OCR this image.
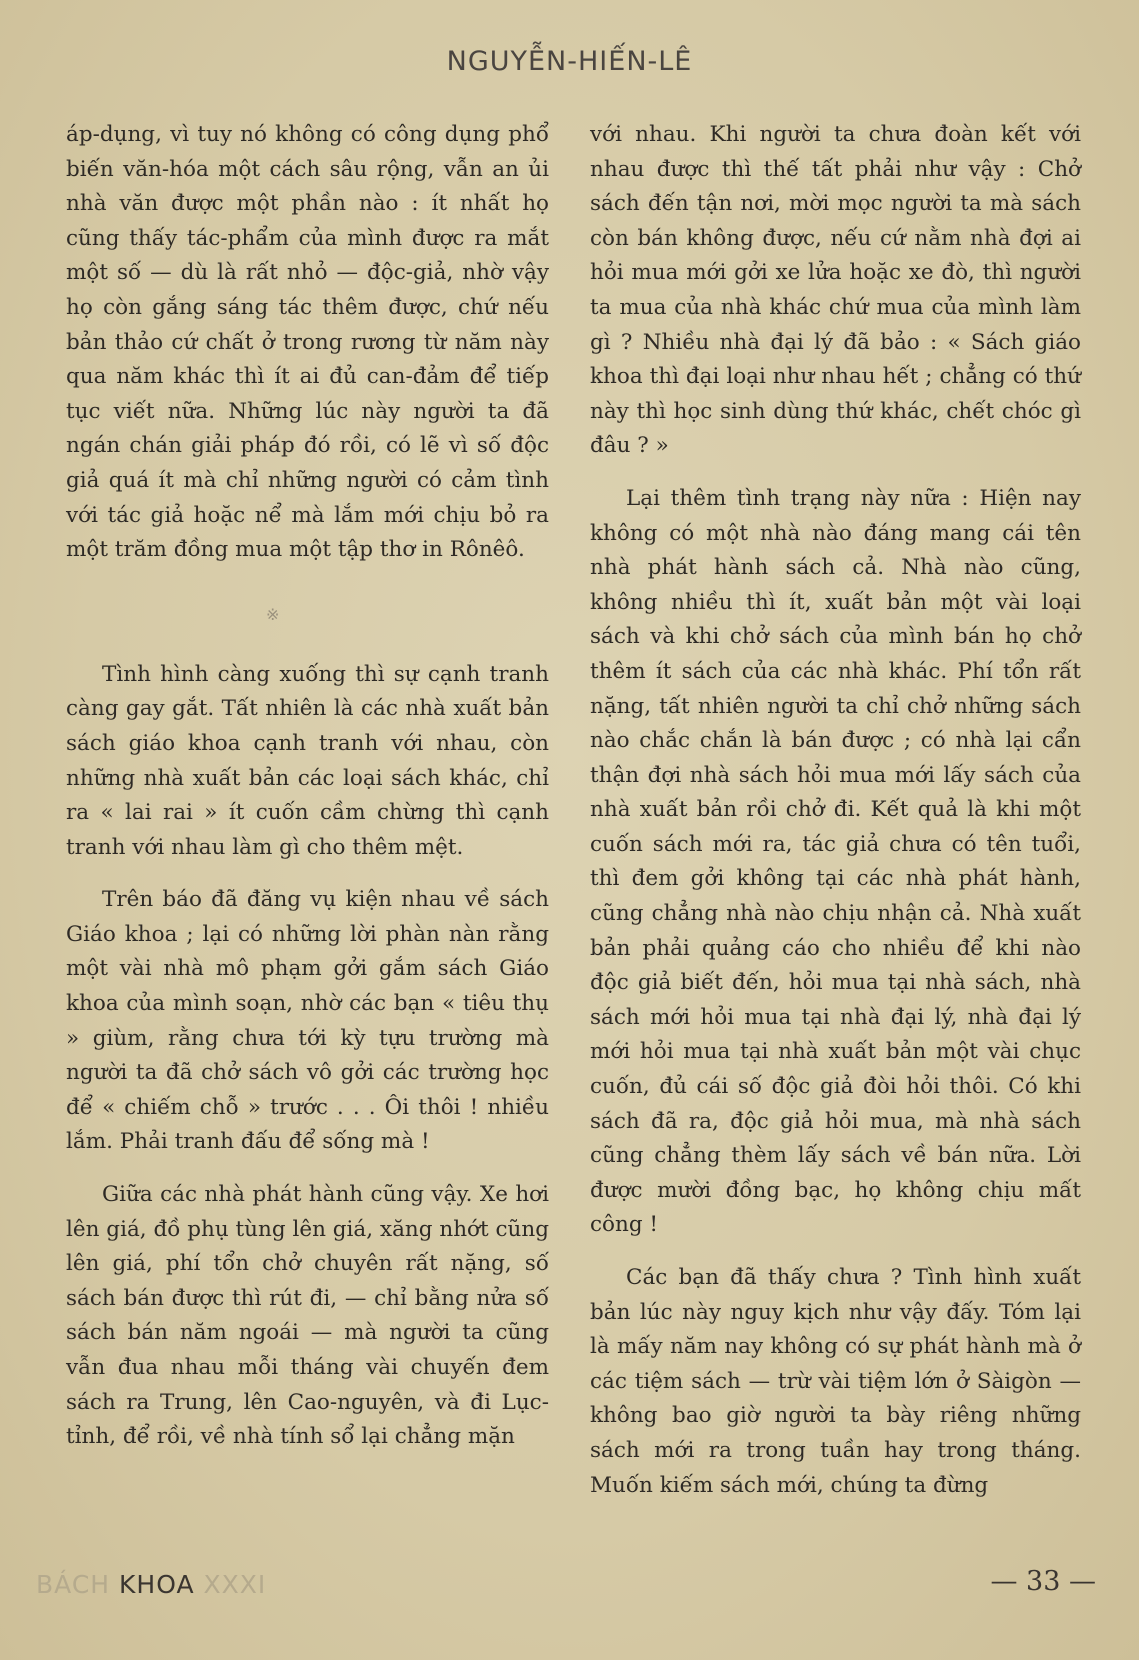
NGUYỄN-HIẾN-LÊ

áp-dụng, vì tuy nó không có công dụng phổ biến văn-hóa một cách sâu rộng, vẫn an ủi nhà văn được một phần nào : ít nhất họ cũng thấy tác-phẩm của mình được ra mắt một số — dù là rất nhỏ — độc-giả, nhờ vậy họ còn gắng sáng tác thêm được, chứ nếu bản thảo cứ chất ở trong rương từ năm này qua năm khác thì ít ai đủ can-đảm để tiếp tục viết nữa. Những lúc này người ta đã ngán chán giải pháp đó rồi, có lẽ vì số độc giả quá ít mà chỉ những người có cảm tình với tác giả hoặc nể mà lắm mới chịu bỏ ra một trăm đồng mua một tập thơ in Rônêô.

※

Tình hình càng xuống thì sự cạnh tranh càng gay gắt. Tất nhiên là các nhà xuất bản sách giáo khoa cạnh tranh với nhau, còn những nhà xuất bản các loại sách khác, chỉ ra « lai rai » ít cuốn cầm chừng thì cạnh tranh với nhau làm gì cho thêm mệt.

Trên báo đã đăng vụ kiện nhau về sách Giáo khoa ; lại có những lời phàn nàn rằng một vài nhà mô phạm gởi gắm sách Giáo khoa của mình soạn, nhờ các bạn « tiêu thụ » giùm, rằng chưa tới kỳ tựu trường mà người ta đã chở sách vô gởi các trường học để « chiếm chỗ » trước . . . Ôi thôi ! nhiều lắm. Phải tranh đấu để sống mà !

Giữa các nhà phát hành cũng vậy. Xe hơi lên giá, đồ phụ tùng lên giá, xăng nhớt cũng lên giá, phí tổn chở chuyên rất nặng, số sách bán được thì rút đi, — chỉ bằng nửa số sách bán năm ngoái — mà người ta cũng vẫn đua nhau mỗi tháng vài chuyến đem sách ra Trung, lên Cao-nguyên, và đi Lục-tỉnh, để rồi, về nhà tính sổ lại chẳng mặn

với nhau. Khi người ta chưa đoàn kết với nhau được thì thế tất phải như vậy : Chở sách đến tận nơi, mời mọc người ta mà sách còn bán không được, nếu cứ nằm nhà đợi ai hỏi mua mới gởi xe lửa hoặc xe đò, thì người ta mua của nhà khác chứ mua của mình làm gì ? Nhiều nhà đại lý đã bảo : « Sách giáo khoa thì đại loại như nhau hết ; chẳng có thứ này thì học sinh dùng thứ khác, chết chóc gì đâu ? »

Lại thêm tình trạng này nữa : Hiện nay không có một nhà nào đáng mang cái tên nhà phát hành sách cả. Nhà nào cũng, không nhiều thì ít, xuất bản một vài loại sách và khi chở sách của mình bán họ chở thêm ít sách của các nhà khác. Phí tổn rất nặng, tất nhiên người ta chỉ chở những sách nào chắc chắn là bán được ; có nhà lại cẩn thận đợi nhà sách hỏi mua mới lấy sách của nhà xuất bản rồi chở đi. Kết quả là khi một cuốn sách mới ra, tác giả chưa có tên tuổi, thì đem gởi không tại các nhà phát hành, cũng chẳng nhà nào chịu nhận cả. Nhà xuất bản phải quảng cáo cho nhiều để khi nào độc giả biết đến, hỏi mua tại nhà sách, nhà sách mới hỏi mua tại nhà đại lý, nhà đại lý mới hỏi mua tại nhà xuất bản một vài chục cuốn, đủ cái số độc giả đòi hỏi thôi. Có khi sách đã ra, độc giả hỏi mua, mà nhà sách cũng chẳng thèm lấy sách về bán nữa. Lời được mười đồng bạc, họ không chịu mất công !

Các bạn đã thấy chưa ? Tình hình xuất bản lúc này nguy kịch như vậy đấy. Tóm lại là mấy năm nay không có sự phát hành mà ở các tiệm sách — trừ vài tiệm lớn ở Sàigòn — không bao giờ người ta bày riêng những sách mới ra trong tuần hay trong tháng. Muốn kiếm sách mới, chúng ta đừng

BÁCH KHOA XXXI	— 33 —
